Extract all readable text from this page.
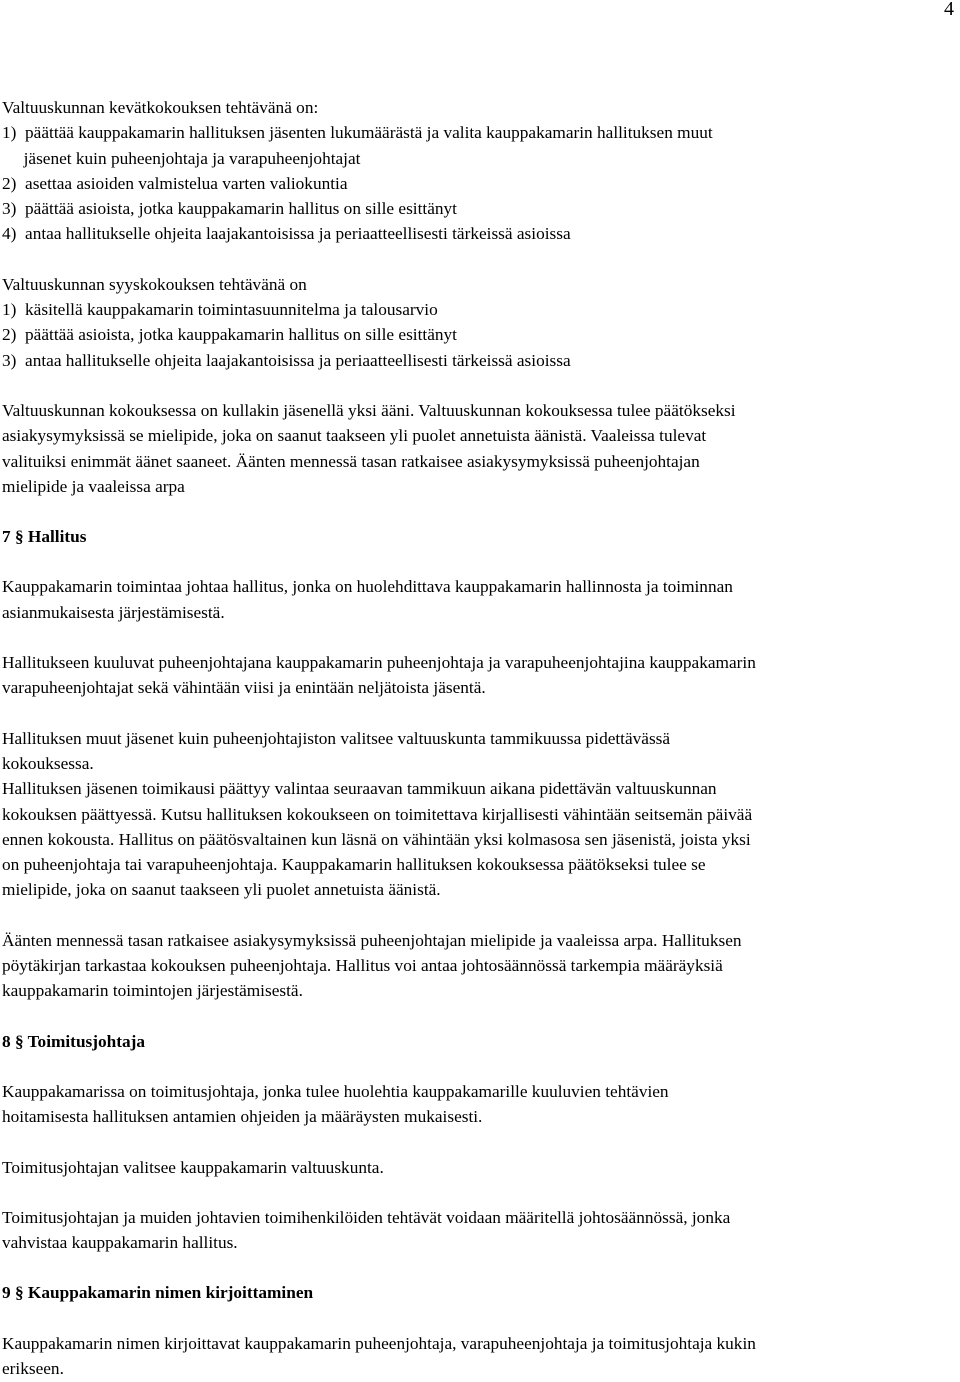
4
Valtuuskunnan kevätkokouksen tehtävänä on:
1)  päättää kauppakamarin hallituksen jäsenten lukumäärästä ja valita kauppakamarin hallituksen muut
jäsenet kuin puheenjohtaja ja varapuheenjohtajat
2)  asettaa asioiden valmistelua varten valiokuntia
3)  päättää asioista, jotka kauppakamarin hallitus on sille esittänyt
4)  antaa hallitukselle ohjeita laajakantoisissa ja periaatteellisesti tärkeissä asioissa
Valtuuskunnan syyskokouksen tehtävänä on
1)  käsitellä kauppakamarin toimintasuunnitelma ja talousarvio
2)  päättää asioista, jotka kauppakamarin hallitus on sille esittänyt
3)  antaa hallitukselle ohjeita laajakantoisissa ja periaatteellisesti tärkeissä asioissa
Valtuuskunnan kokouksessa on kullakin jäsenellä yksi ääni. Valtuuskunnan kokouksessa tulee päätökseksi
asiakysymyksissä se mielipide, joka on saanut taakseen yli puolet annetuista äänistä. Vaaleissa tulevat
valituiksi enimmät äänet saaneet. Äänten mennessä tasan ratkaisee asiakysymyksissä puheenjohtajan
mielipide ja vaaleissa arpa
7 § Hallitus
Kauppakamarin toimintaa johtaa hallitus, jonka on huolehdittava kauppakamarin hallinnosta ja toiminnan
asianmukaisesta järjestämisestä.
Hallitukseen kuuluvat puheenjohtajana kauppakamarin puheenjohtaja ja varapuheenjohtajina kauppakamarin
varapuheenjohtajat sekä vähintään viisi ja enintään neljätoista jäsentä.
Hallituksen muut jäsenet kuin puheenjohtajiston valitsee valtuuskunta tammikuussa pidettävässä
kokouksessa.
Hallituksen jäsenen toimikausi päättyy valintaa seuraavan tammikuun aikana pidettävän valtuuskunnan
kokouksen päättyessä. Kutsu hallituksen kokoukseen on toimitettava kirjallisesti vähintään seitsemän päivää
ennen kokousta. Hallitus on päätösvaltainen kun läsnä on vähintään yksi kolmasosa sen jäsenistä, joista yksi
on puheenjohtaja tai varapuheenjohtaja. Kauppakamarin hallituksen kokouksessa päätökseksi tulee se
mielipide, joka on saanut taakseen yli puolet annetuista äänistä.
Äänten mennessä tasan ratkaisee asiakysymyksissä puheenjohtajan mielipide ja vaaleissa arpa. Hallituksen
pöytäkirjan tarkastaa kokouksen puheenjohtaja. Hallitus voi antaa johtosäännössä tarkempia määräyksiä
kauppakamarin toimintojen järjestämisestä.
8 § Toimitusjohtaja
Kauppakamarissa on toimitusjohtaja, jonka tulee huolehtia kauppakamarille kuuluvien tehtävien
hoitamisesta hallituksen antamien ohjeiden ja määräysten mukaisesti.
Toimitusjohtajan valitsee kauppakamarin valtuuskunta.
Toimitusjohtajan ja muiden johtavien toimihenkilöiden tehtävät voidaan määritellä johtosäännössä, jonka
vahvistaa kauppakamarin hallitus.
9 § Kauppakamarin nimen kirjoittaminen
Kauppakamarin nimen kirjoittavat kauppakamarin puheenjohtaja, varapuheenjohtaja ja toimitusjohtaja kukin
erikseen.
